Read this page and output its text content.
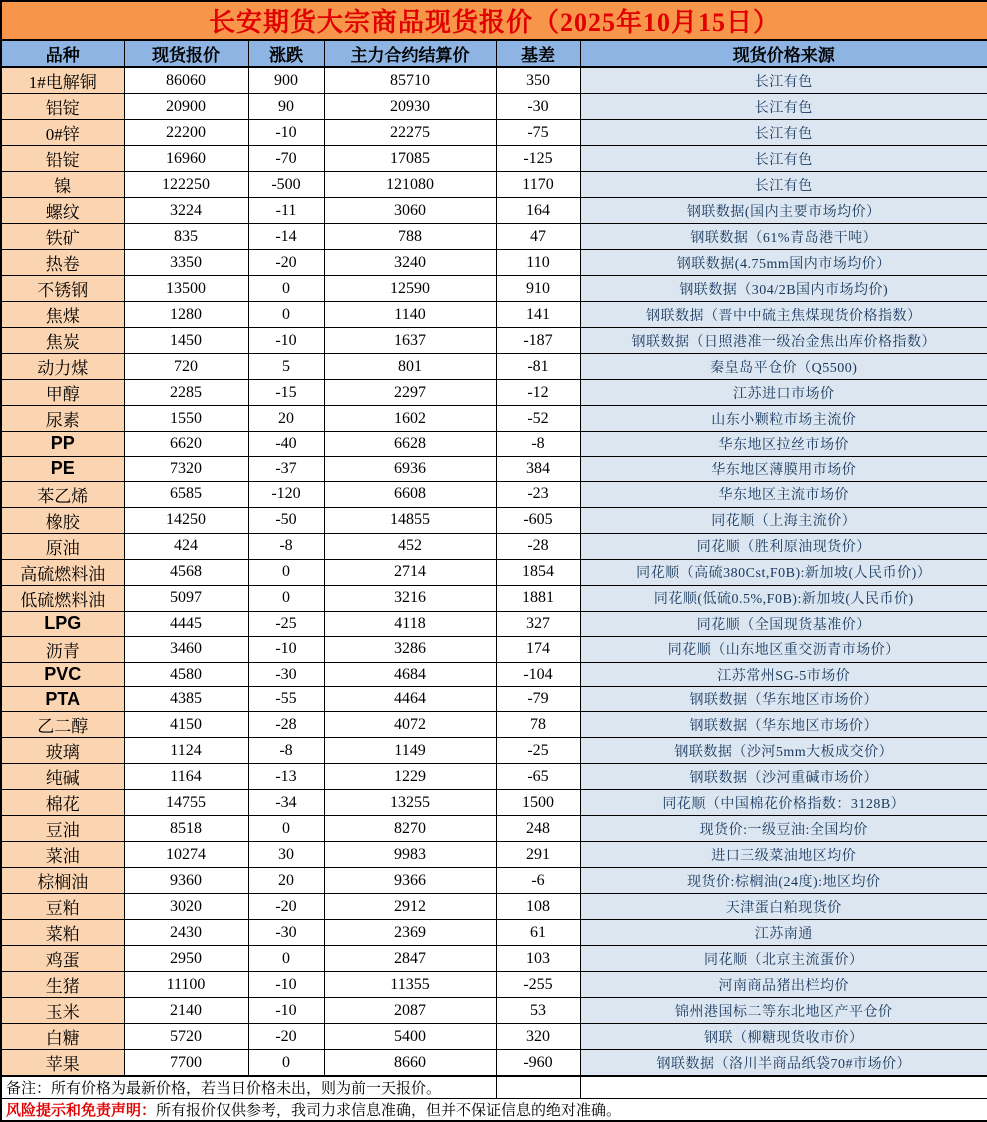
长安期货大宗商品现货报价（2025年10月15日）					
品种	现货报价	涨跌	主力合约结算价	基差	现货价格来源
1#电解铜	86060	900	85710	350	长江有色
铝锭	20900	90	20930	-30	长江有色
0#锌	22200	-10	22275	-75	长江有色
铅锭	16960	-70	17085	-125	长江有色
镍	122250	-500	121080	1170	长江有色
螺纹	3224	-11	3060	164	钢联数据(国内主要市场均价）
铁矿	835	-14	788	47	钢联数据（61%青岛港干吨）
热卷	3350	-20	3240	110	钢联数据(4.75mm国内市场均价）
不锈钢	13500	0	12590	910	钢联数据（304/2B国内市场均价)
焦煤	1280	0	1140	141	钢联数据（晋中中硫主焦煤现货价格指数）
焦炭	1450	-10	1637	-187	钢联数据（日照港准一级冶金焦出库价格指数）
动力煤	720	5	801	-81	秦皇岛平仓价（Q5500)
甲醇	2285	-15	2297	-12	江苏进口市场价
尿素	1550	20	1602	-52	山东小颗粒市场主流价
PP	6620	-40	6628	-8	华东地区拉丝市场价
PE	7320	-37	6936	384	华东地区薄膜用市场价
苯乙烯	6585	-120	6608	-23	华东地区主流市场价
橡胶	14250	-50	14855	-605	同花顺（上海主流价）
原油	424	-8	452	-28	同花顺（胜利原油现货价）
高硫燃料油	4568	0	2714	1854	同花顺（高硫380Cst,F0B):新加坡(人民币价)）
低硫燃料油	5097	0	3216	1881	同花顺(低硫0.5%,F0B):新加坡(人民币价)
LPG	4445	-25	4118	327	同花顺（全国现货基准价）
沥青	3460	-10	3286	174	同花顺（山东地区重交沥青市场价）
PVC	4580	-30	4684	-104	江苏常州SG-5市场价
PTA	4385	-55	4464	-79	钢联数据（华东地区市场价）
乙二醇	4150	-28	4072	78	钢联数据（华东地区市场价）
玻璃	1124	-8	1149	-25	钢联数据（沙河5mm大板成交价）
纯碱	1164	-13	1229	-65	钢联数据（沙河重碱市场价）
棉花	14755	-34	13255	1500	同花顺（中国棉花价格指数：3128B）
豆油	8518	0	8270	248	现货价:一级豆油:全国均价
菜油	10274	30	9983	291	进口三级菜油地区均价
棕榈油	9360	20	9366	-6	现货价:棕榈油(24度):地区均价
豆粕	3020	-20	2912	108	天津蛋白粕现货价
菜粕	2430	-30	2369	61	江苏南通
鸡蛋	2950	0	2847	103	同花顺（北京主流蛋价）
生猪	11100	-10	11355	-255	河南商品猪出栏均价
玉米	2140	-10	2087	53	锦州港国标二等东北地区产平仓价
白糖	5720	-20	5400	320	钢联（柳糖现货收市价）
苹果	7700	0	8660	-960	钢联数据（洛川半商品纸袋70#市场价）
备注：所有价格为最新价格，若当日价格未出，则为前一天报价。					
风险提示和免责声明：所有报价仅供参考，我司力求信息准确，但并不保证信息的绝对准确。					
